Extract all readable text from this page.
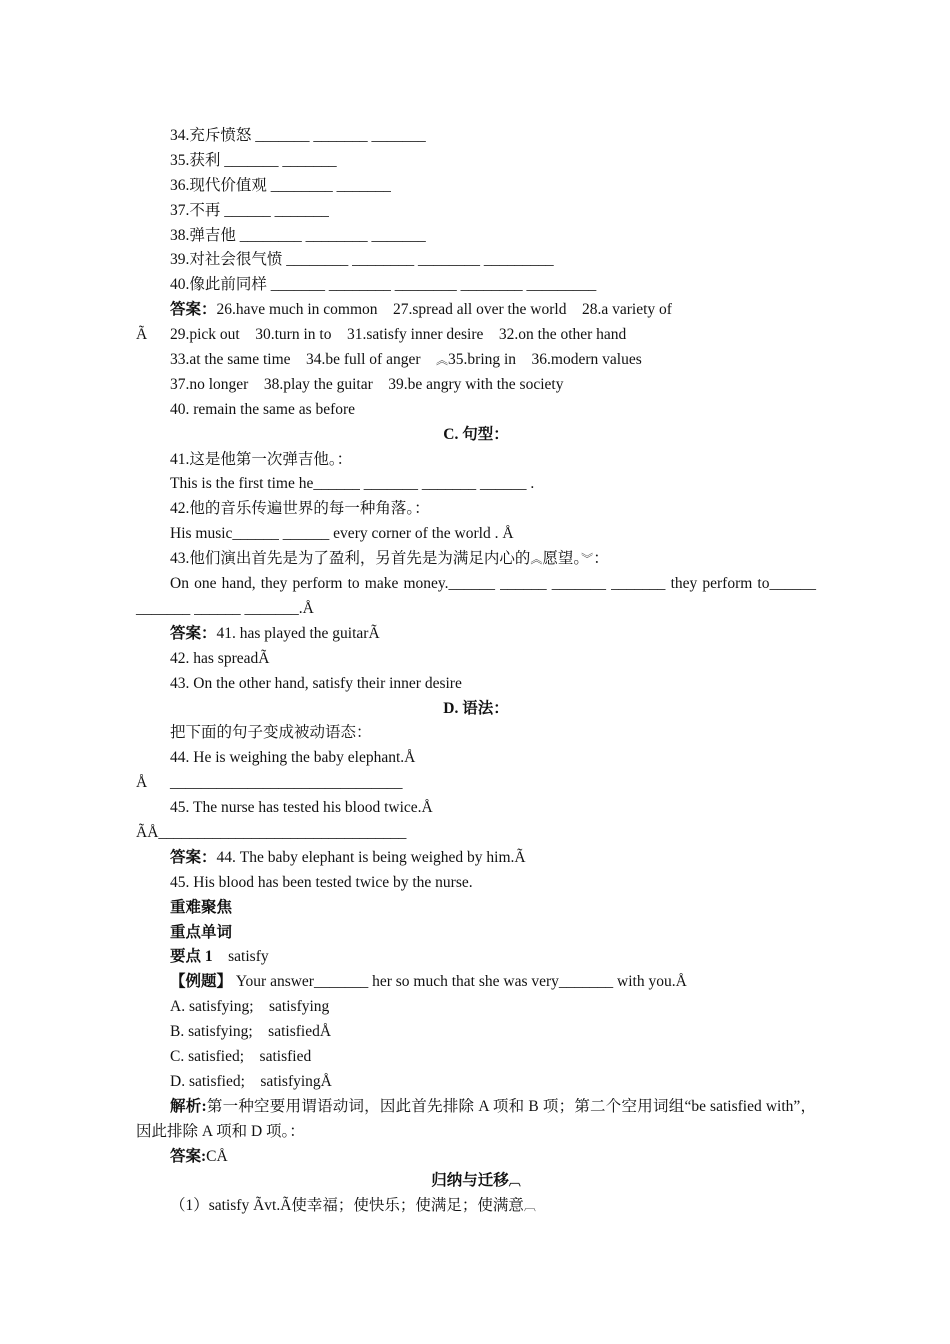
34.充斥愤怒 _______ _______ _______
35.获利 _______ _______
36.现代价值观 ________ _______
37.不再 ______ _______
38.弹吉他 ________ ________ _______
39.对社会很气愤 ________ ________ ________ _________
40.像此前同样 _______ ________ ________ ________ _________
答案：26.have much in common　27.spread all over the world　28.a variety of
Ã 29.pick out　30.turn in to　31.satisfy inner desire　32.on the other hand
33.at the same time　34.be full of anger　︽35.bring in　36.modern values
37.no longer　38.play the guitar　39.be angry with the society
40. remain the same as before
C. 句型：
41.这是他第一次弹吉他。：
This is the first time he______ _______ _______ ______ .
42.他的音乐传遍世界的每一种角落。：
His music______ ______ every corner of the world . Å
43.他们演出首先是为了盈利，另首先是为满足内心的︽愿望。︾：
On one hand, they perform to make money.______ ______ _______ _______ they perform to______ _______ ______ _______.Å
答案：41. has played the guitarÃ
42. has spreadÃ
43. On the other hand, satisfy their inner desire
D. 语法：
把下面的句子变成被动语态：
44. He is weighing the baby elephant.Å
Å ______________________________
45. The nurse has tested his blood twice.Å
ÃÅ________________________________
答案：44. The baby elephant is being weighed by him.Ã
45. His blood has been tested twice by the nurse.
重难聚焦
重点单词
要点 1　satisfy
【例题】 Your answer_______ her so much that she was very_______ with you.Å
A. satisfying;　satisfying
B. satisfying;　satisfiedÅ
C. satisfied;　satisfied
D. satisfied;　satisfyingÅ
解析:第一种空要用谓语动词，因此首先排除 A 项和 B 项；第二个空用词组“be satisfied with”，因此排除 A 项和 D 项。：
答案:CÅ
归纳与迁移︹
（1）satisfy Ãvt.Ã使幸福；使快乐；使满足；使满意︹
